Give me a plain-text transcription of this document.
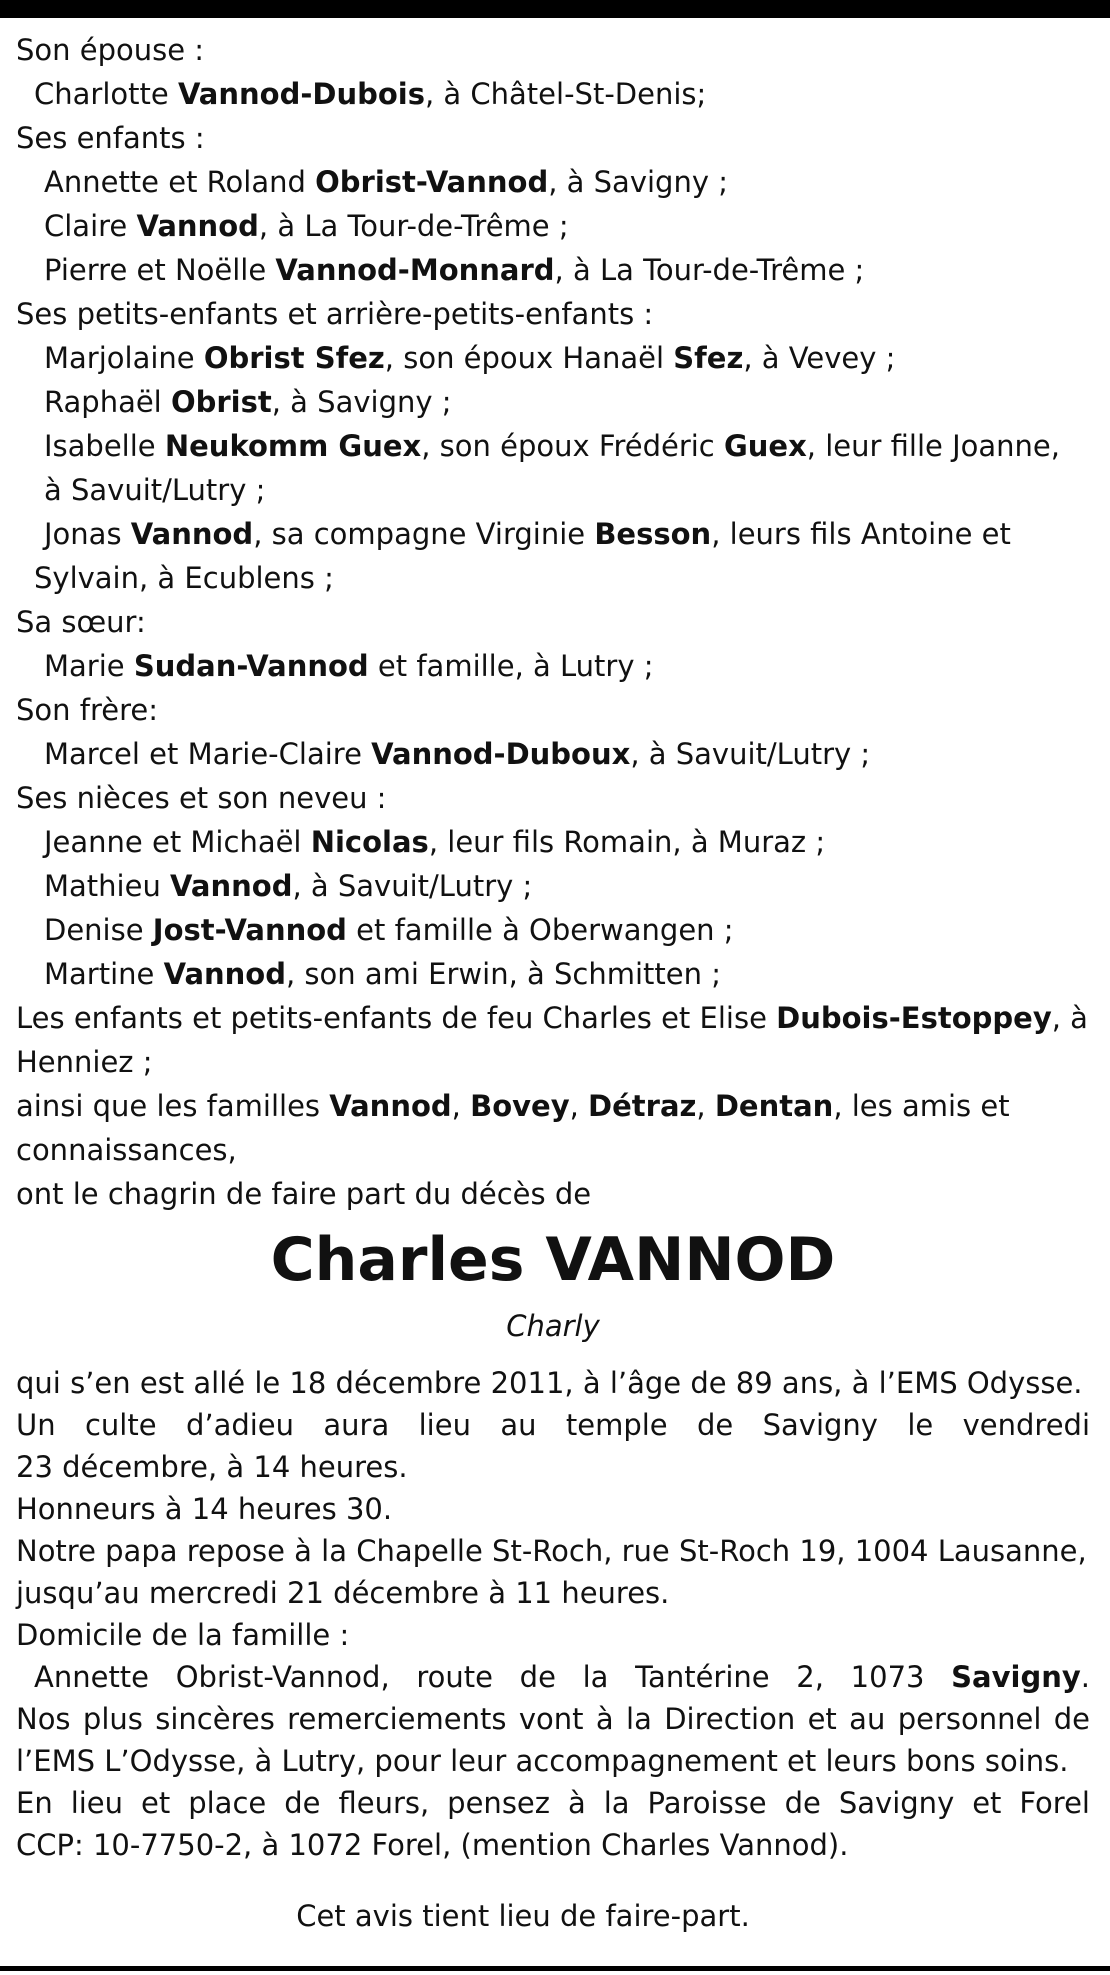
Son épouse :
Charlotte Vannod-Dubois, à Châtel-St-Denis;
Ses enfants :
Annette et Roland Obrist-Vannod, à Savigny ;
Claire Vannod, à La Tour-de-Trême ;
Pierre et Noëlle Vannod-Monnard, à La Tour-de-Trême ;
Ses petits-enfants et arrière-petits-enfants :
Marjolaine Obrist Sfez, son époux Hanaël Sfez, à Vevey ;
Raphaël Obrist, à Savigny ;
Isabelle Neukomm Guex, son époux Frédéric Guex, leur fille Joanne,
à Savuit/Lutry ;
Jonas Vannod, sa compagne Virginie Besson, leurs fils Antoine et
Sylvain, à Ecublens ;
Sa sœur:
Marie Sudan-Vannod et famille, à Lutry ;
Son frère:
Marcel et Marie-Claire Vannod-Duboux, à Savuit/Lutry ;
Ses nièces et son neveu :
Jeanne et Michaël Nicolas, leur fils Romain, à Muraz ;
Mathieu Vannod, à Savuit/Lutry ;
Denise Jost-Vannod et famille à Oberwangen ;
Martine Vannod, son ami Erwin, à Schmitten ;
Les enfants et petits-enfants de feu Charles et Elise Dubois-Estoppey, à
Henniez ;
ainsi que les familles Vannod, Bovey, Détraz, Dentan, les amis et
connaissances,
ont le chagrin de faire part du décès de
Charles VANNOD
Charly
qui s’en est allé le 18 décembre 2011, à l’âge de 89 ans, à l’EMS Odysse.
Un culte d’adieu aura lieu au temple de Savigny le vendredi
23 décembre, à 14 heures.
Honneurs à 14 heures 30.
Notre papa repose à la Chapelle St-Roch, rue St-Roch 19, 1004 Lausanne,
jusqu’au mercredi 21 décembre à 11 heures.
Domicile de la famille :
Annette Obrist-Vannod, route de la Tantérine 2, 1073 Savigny.
Nos plus sincères remerciements vont à la Direction et au personnel de
l’EMS L’Odysse, à Lutry, pour leur accompagnement et leurs bons soins.
En lieu et place de fleurs, pensez à la Paroisse de Savigny et Forel
CCP: 10-7750-2, à 1072 Forel, (mention Charles Vannod).
Cet avis tient lieu de faire-part.
